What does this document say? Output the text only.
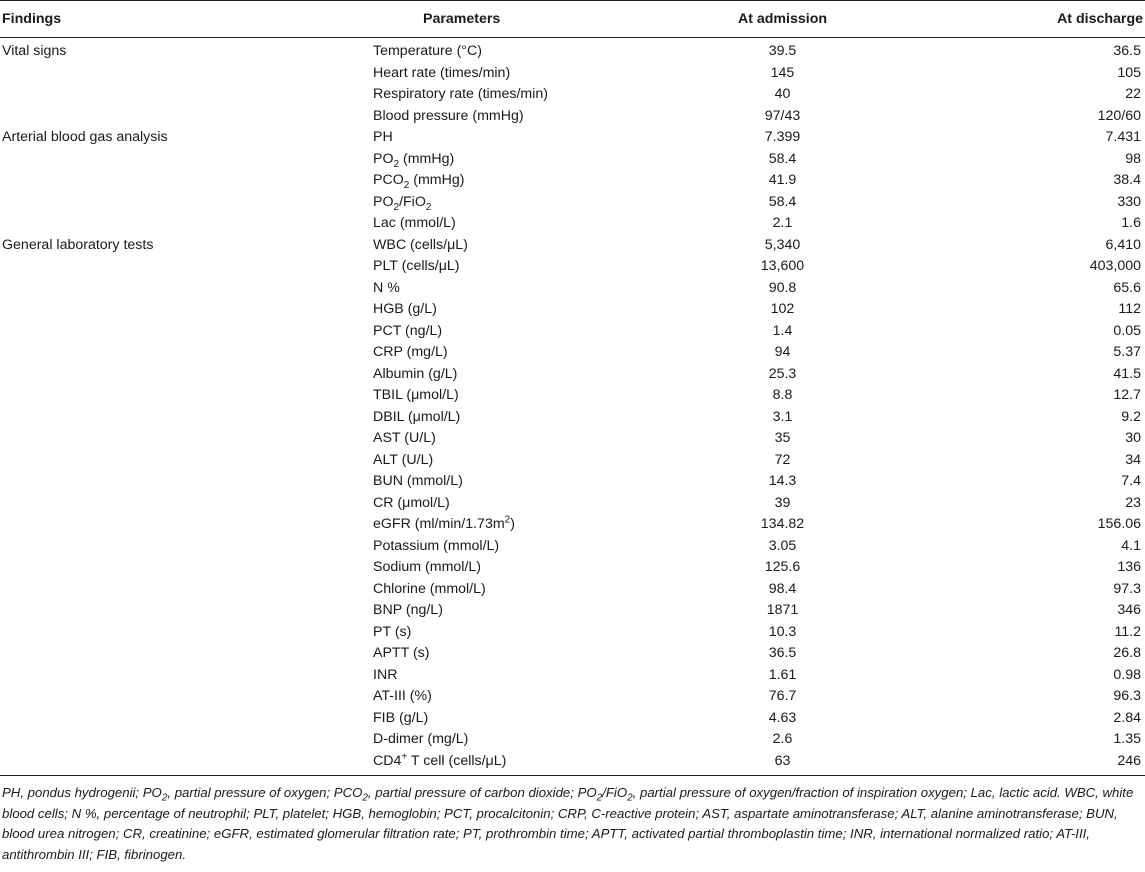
Findings	Parameters	At admission	At discharge
Vital signs	Temperature (°C)	39.5	36.5
	Heart rate (times/min)	145	105
	Respiratory rate (times/min)	40	22
	Blood pressure (mmHg)	97/43	120/60
Arterial blood gas analysis	PH	7.399	7.431
	$PO_2$ (mmHg)	58.4	98
	$PCO_2$ (mmHg)	41.9	38.4
	$PO_2/FiO_2$	58.4	330
	Lac (mmol/L)	2.1	1.6
General laboratory tests	WBC (cells/μL)	5,340	6,410
	PLT (cells/μL)	13,600	403,000
	N %	90.8	65.6
	HGB (g/L)	102	112
	PCT (ng/L)	1.4	0.05
	CRP (mg/L)	94	5.37
	Albumin (g/L)	25.3	41.5
	TBIL (μmol/L)	8.8	12.7
	DBIL (μmol/L)	3.1	9.2
	AST (U/L)	35	30
	ALT (U/L)	72	34
	BUN (mmol/L)	14.3	7.4
	CR (μmol/L)	39	23
	eGFR $(ml/\min/1.73m^2)$	134.82	156.06
	Potassium (mmol/L)	3.05	4.1
	Sodium (mmol/L)	125.6	136
	Chlorine (mmol/L)	98.4	97.3
	BNP (ng/L)	1871	346
	PT (s)	10.3	11.2
	APTT (s)	36.5	26.8
	INR	1.61	0.98
	AT-III (%)	76.7	96.3
	FIB (g/L)	4.63	2.84
	D-dimer (mg/L)	2.6	1.35
	CD4+ T cell (cells/μL)	63	246
PH, pondus hydrogenii; $PO_2$, partial pressure of oxygen; $PCO_2$, partial pressure of carbon dioxide; $PO_2/FiO_2$, partial pressure of oxygen/fraction of inspiration oxygen; Lac, lactic acid. WBC, white blood cells; N %, percentage of neutrophil; PLT, platelet; HGB, hemoglobin; PCT, procalcitonin; CRP, C-reactive protein; AST, aspartate aminotransferase; ALT, alanine aminotransferase; BUN, blood urea nitrogen; CR, creatinine; eGFR, estimated glomerular filtration rate; PT, prothrombin time; APTT, activated partial thromboplastin time; INR, international normalized ratio; AT-III, antithrombin III; FIB, fibrinogen.
